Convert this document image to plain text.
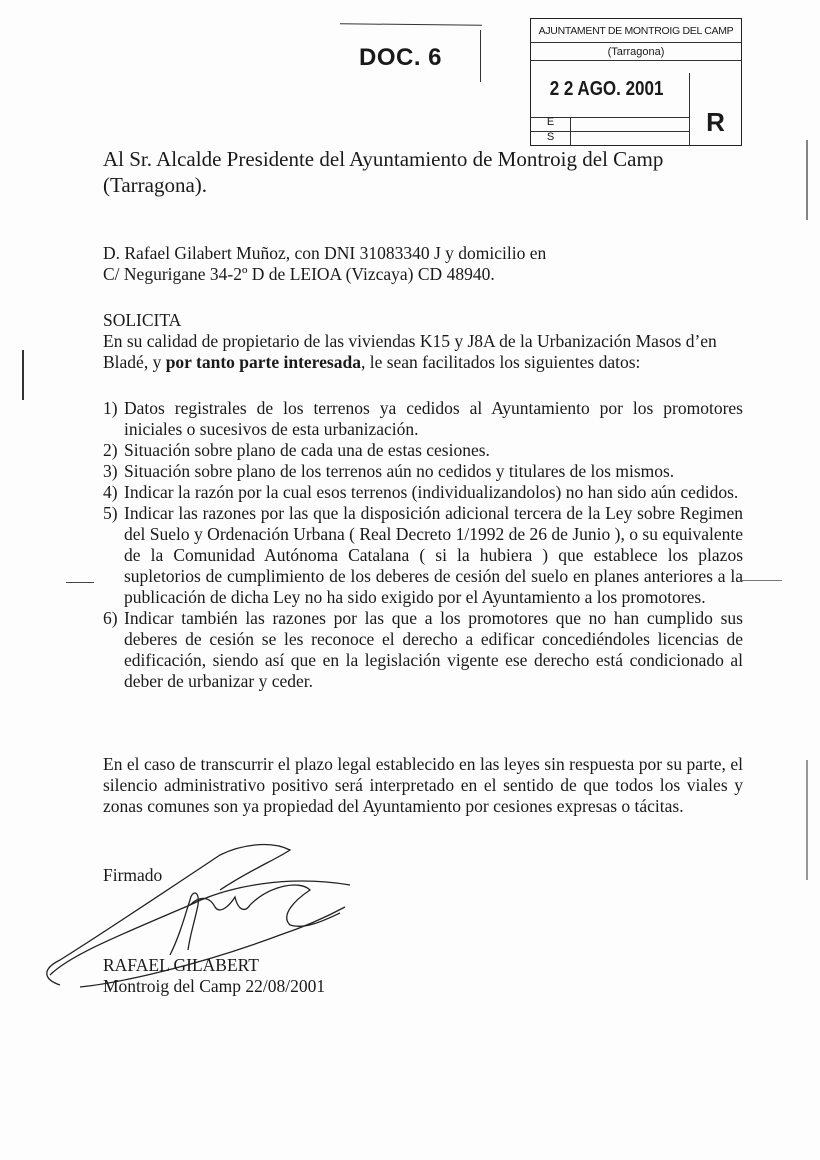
DOC. 6
AJUNTAMENT DE MONTROIG DEL CAMP
(Tarragona)
2 2 AGO. 2001
E
S	R
Al Sr. Alcalde Presidente del Ayuntamiento de Montroig del Camp
(Tarragona).
D. Rafael Gilabert Muñoz, con DNI 31083340 J y domicilio en
C/ Negurigane 34-2º D de LEIOA (Vizcaya) CD 48940.
SOLICITA
En su calidad de propietario de las viviendas K15 y J8A de la Urbanización Masos d’en Bladé, y por tanto parte interesada, le sean facilitados los siguientes datos:
1) Datos registrales de los terrenos ya cedidos al Ayuntamiento por los promotores iniciales o sucesivos de esta urbanización.
2) Situación sobre plano de cada una de estas cesiones.
3) Situación sobre plano de los terrenos aún no cedidos y titulares de los mismos.
4) Indicar la razón por la cual esos terrenos (individualizandolos) no han sido aún cedidos.
5) Indicar las razones por las que la disposición adicional tercera de la Ley sobre Regimen del Suelo y Ordenación Urbana ( Real Decreto 1/1992 de 26 de Junio ), o su equivalente de la Comunidad Autónoma Catalana ( si la hubiera ) que establece los plazos supletorios de cumplimiento de los deberes de cesión del suelo en planes anteriores a la publicación de dicha Ley no ha sido exigido por el Ayuntamiento a los promotores.
6) Indicar también las razones por las que a los promotores que no han cumplido sus deberes de cesión se les reconoce el derecho a edificar concediéndoles licencias de edificación, siendo así que en la legislación vigente ese derecho está condicionado al deber de urbanizar y ceder.
En el caso de transcurrir el plazo legal establecido en las leyes sin respuesta por su parte, el silencio administrativo positivo será interpretado en el sentido de que todos los viales y zonas comunes son ya propiedad del Ayuntamiento por cesiones expresas o tácitas.
Firmado
RAFAEL GILABERT
Montroig del Camp 22/08/2001
